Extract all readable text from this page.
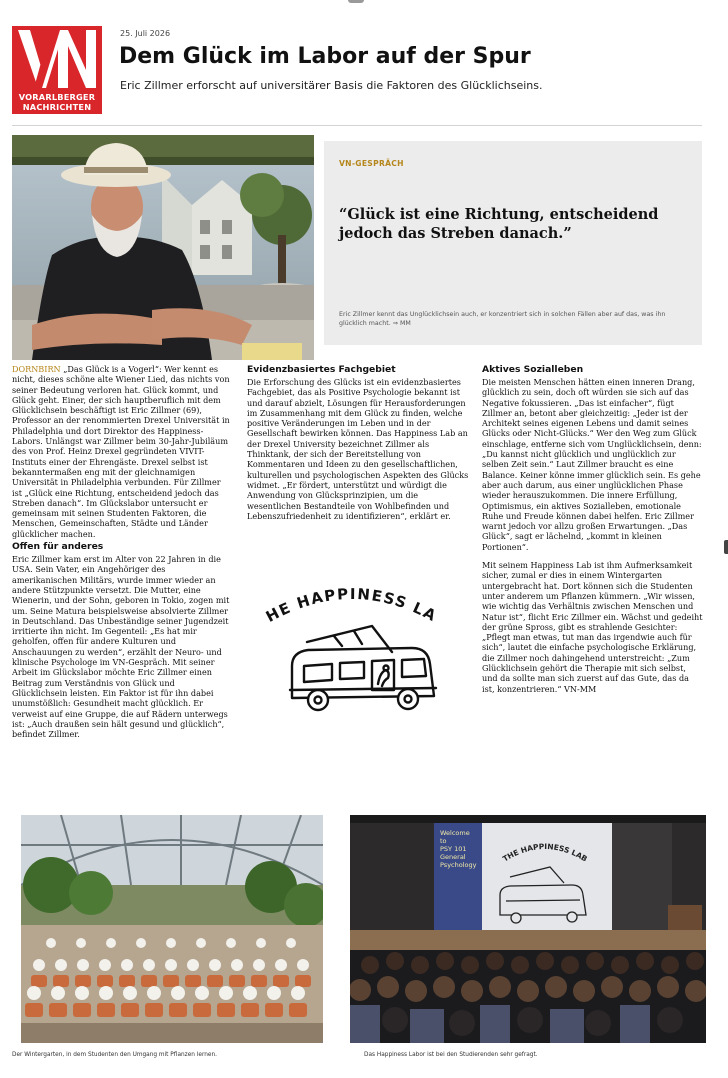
VORARLBERGER
NACHRICHTEN
25. Juli 2026
Dem Glück im Labor auf der Spur
Eric Zillmer erforscht auf universitärer Basis die Faktoren des Glücklichseins.
VN-GESPRÄCH
“Glück ist eine Richtung, entscheidend jedoch das Streben danach.”
Eric Zillmer kennt das Unglücklichsein auch, er konzentriert sich in solchen Fällen aber auf das, was ihn glücklich macht. ⇒ MM

DORNBIRN „Das Glück is a Vogerl“: Wer kennt es nicht, dieses schöne alte Wiener Lied, das nichts von seiner Bedeutung verloren hat. Glück kommt, und Glück geht. Einer, der sich hauptberuflich mit dem Glücklichsein beschäftigt ist Eric Zillmer (69), Professor an der renommierten Drexel Universität in Philadelphia und dort Direktor des Happiness-Labors. Unlängst war Zillmer beim 30-Jahr-Jubiläum des von Prof. Heinz Drexel gegründeten VIVIT-Instituts einer der Ehrengäste. Drexel selbst ist bekanntermaßen eng mit der gleichnamigen Universität in Philadelphia verbunden. Für Zillmer ist „Glück eine Richtung, entscheidend jedoch das Streben danach“. Im Glückslabor untersucht er gemeinsam mit seinen Studenten Faktoren, die Menschen, Gemeinschaften, Städte und Länder glücklicher machen.

Offen für anderes

Eric Zillmer kam erst im Alter von 22 Jahren in die USA. Sein Vater, ein Angehöriger des amerikanischen Militärs, wurde immer wieder an andere Stützpunkte versetzt. Die Mutter, eine Wienerin, und der Sohn, geboren in Tokio, zogen mit um. Seine Matura beispielsweise absolvierte Zillmer in Deutschland. Das Unbeständige seiner Jugendzeit irritierte ihn nicht. Im Gegenteil: „Es hat mir geholfen, offen für andere Kulturen und Anschauungen zu werden“, erzählt der Neuro- und klinische Psychologe im VN-Gespräch. Mit seiner Arbeit im Glückslabor möchte Eric Zillmer einen Beitrag zum Verständnis von Glück und Glücklichsein leisten. Ein Faktor ist für ihn dabei unumstößlich: Gesundheit macht glücklich. Er verweist auf eine Gruppe, die auf Rädern unterwegs ist: „Auch draußen sein hält gesund und glücklich“, befindet Zillmer.

Evidenzbasiertes Fachgebiet

Die Erforschung des Glücks ist ein evidenzbasiertes Fachgebiet, das als Positive Psychologie bekannt ist und darauf abzielt, Lösungen für Herausforderungen im Zusammenhang mit dem Glück zu finden, welche positive Veränderungen im Leben und in der Gesellschaft bewirken können. Das Happiness Lab an der Drexel University bezeichnet Zillmer als Thinktank, der sich der Bereitstellung von Kommentaren und Ideen zu den gesellschaftlichen, kulturellen und psychologischen Aspekten des Glücks widmet. „Er fördert, unterstützt und würdigt die Anwendung von Glücksprinzipien, um die wesentlichen Bestandteile von Wohlbefinden und Lebenszufriedenheit zu identifizieren“, erklärt er.

HE HAPPINESS LA
Aktives Sozialleben

Die meisten Menschen hätten einen inneren Drang, glücklich zu sein, doch oft würden sie sich auf das Negative fokussieren. „Das ist einfacher“, fügt Zillmer an, betont aber gleichzeitig: „Jeder ist der Architekt seines eigenen Lebens und damit seines Glücks oder Nicht-Glücks.“ Wer den Weg zum Glück einschlage, entferne sich vom Unglücklichsein, denn: „Du kannst nicht glücklich und unglücklich zur selben Zeit sein.“ Laut Zillmer braucht es eine Balance. Keiner könne immer glücklich sein. Es gehe aber auch darum, aus einer unglücklichen Phase wieder herauszukommen. Die innere Erfüllung, Optimismus, ein aktives Sozialleben, emotionale Ruhe und Freude können dabei helfen. Eric Zillmer warnt jedoch vor allzu großen Erwartungen. „Das Glück“, sagt er lächelnd, „kommt in kleinen Portionen“.

Mit seinem Happiness Lab ist ihm Aufmerksamkeit sicher, zumal er dies in einem Wintergarten untergebracht hat. Dort können sich die Studenten unter anderem um Pflanzen kümmern. „Wir wissen, wie wichtig das Verhältnis zwischen Menschen und Natur ist“, flicht Eric Zillmer ein. Wächst und gedeiht der grüne Spross, gibt es strahlende Gesichter: „Pflegt man etwas, tut man das irgendwie auch für sich“, lautet die einfache psychologische Erklärung, die Zillmer noch dahingehend unterstreicht: „Zum Glücklichsein gehört die Therapie mit sich selbst, und da sollte man sich zuerst auf das Gute, das da ist, konzentrieren.“ VN-MM

Welcome to PSY 101 General Psychology
THE HAPPINESS LAB
Der Wintergarten, in dem Studenten den Umgang mit Pflanzen lernen.	Das Happiness Labor ist bei den Studierenden sehr gefragt.
